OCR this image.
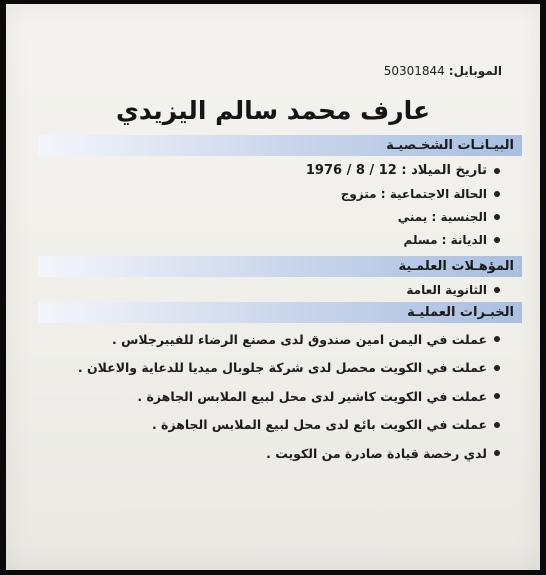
الموبايل:
50301844
عارف محمد سالم اليزيدي
البيـانـات الشخـصيـة
تاريخ الميلاد : 12 / 8 / 1976
الحالة الاجتماعية : متزوج
الجنسية : يمني
الديانة : مسلم
المؤهـلات العلمـية
الثانوية العامة
الخبـرات العمليـة
عملت في اليمن امين صندوق لدى مصنع الرضاء للفيبرجلاس .
عملت في الكويت محصل لدى شركة جلوبال ميديا للدعاية والاعلان .
عملت في الكويت كاشير لدى محل لبيع الملابس الجاهزة .
عملت في الكويت بائع لدى محل لبيع الملابس الجاهزة .
لدي رخصة قيادة صادرة من الكويت .
